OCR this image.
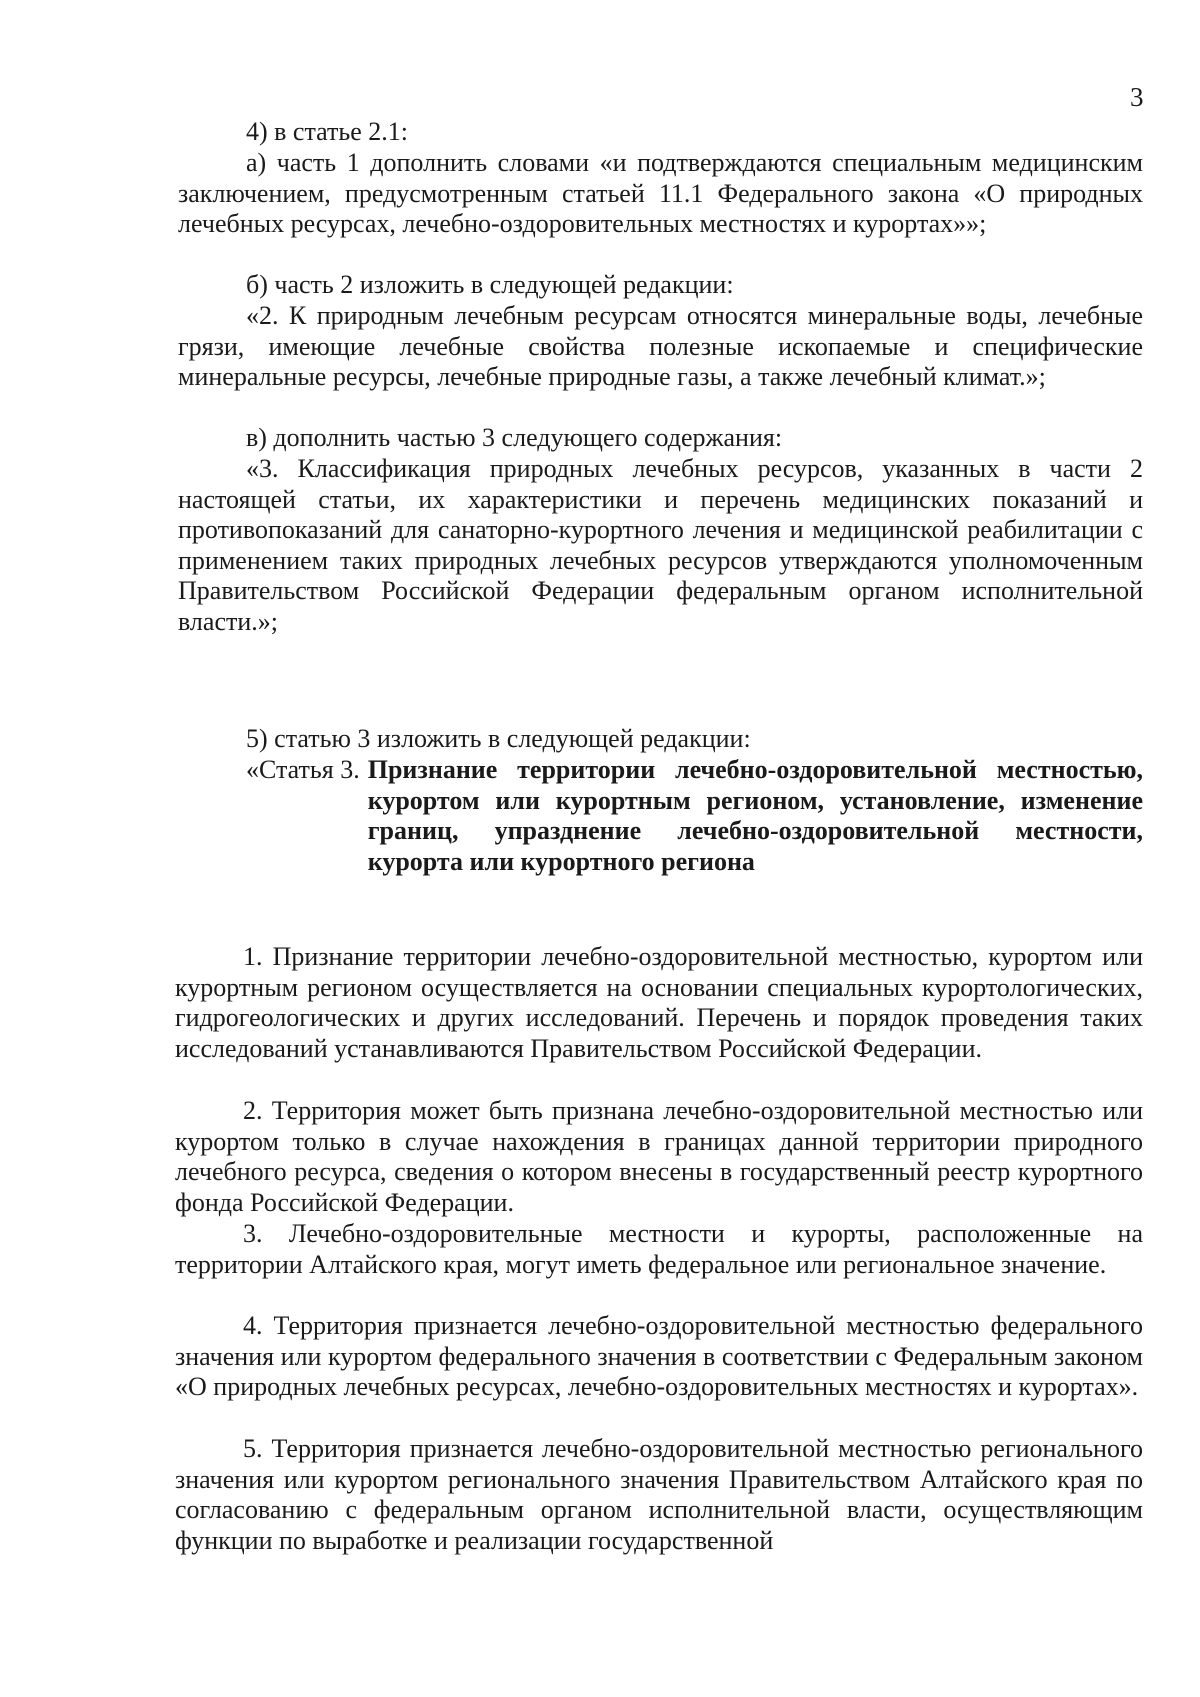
3

4) в статье 2.1:

а) часть 1 дополнить словами «и подтверждаются специальным медицинским заключением, предусмотренным статьей 11.1 Федерального закона «О природных лечебных ресурсах, лечебно-оздоровительных местностях и курортах»»;

б) часть 2 изложить в следующей редакции:

«2. К природным лечебным ресурсам относятся минеральные воды, лечебные грязи, имеющие лечебные свойства полезные ископаемые и специфические минеральные ресурсы, лечебные природные газы, а также лечебный климат.»;

в) дополнить частью 3 следующего содержания:

«3. Классификация природных лечебных ресурсов, указанных в части 2 настоящей статьи, их характеристики и перечень медицинских показаний и противопоказаний для санаторно-курортного лечения и медицинской реабилитации с применением таких природных лечебных ресурсов утверждаются уполномоченным Правительством Российской Федерации федеральным органом исполнительной власти.»;

5) статью 3 изложить в следующей редакции:

«Статья 3. Признание территории лечебно-оздоровительной местностью, курортом или курортным регионом, установление, изменение границ, упразднение лечебно-оздоровительной местности, курорта или курортного региона

1. Признание территории лечебно-оздоровительной местностью, курортом или курортным регионом осуществляется на основании специальных курортологических, гидрогеологических и других исследований. Перечень и порядок проведения таких исследований устанавливаются Правительством Российской Федерации.

2. Территория может быть признана лечебно-оздоровительной местностью или курортом только в случае нахождения в границах данной территории природного лечебного ресурса, сведения о котором внесены в государственный реестр курортного фонда Российской Федерации.

3. Лечебно-оздоровительные местности и курорты, расположенные на территории Алтайского края, могут иметь федеральное или региональное значение.

4. Территория признается лечебно-оздоровительной местностью федерального значения или курортом федерального значения в соответствии с Федеральным законом «О природных лечебных ресурсах, лечебно-оздоровительных местностях и курортах».

5. Территория признается лечебно-оздоровительной местностью регионального значения или курортом регионального значения Правительством Алтайского края по согласованию с федеральным органом исполнительной власти, осуществляющим функции по выработке и реализации государственной
